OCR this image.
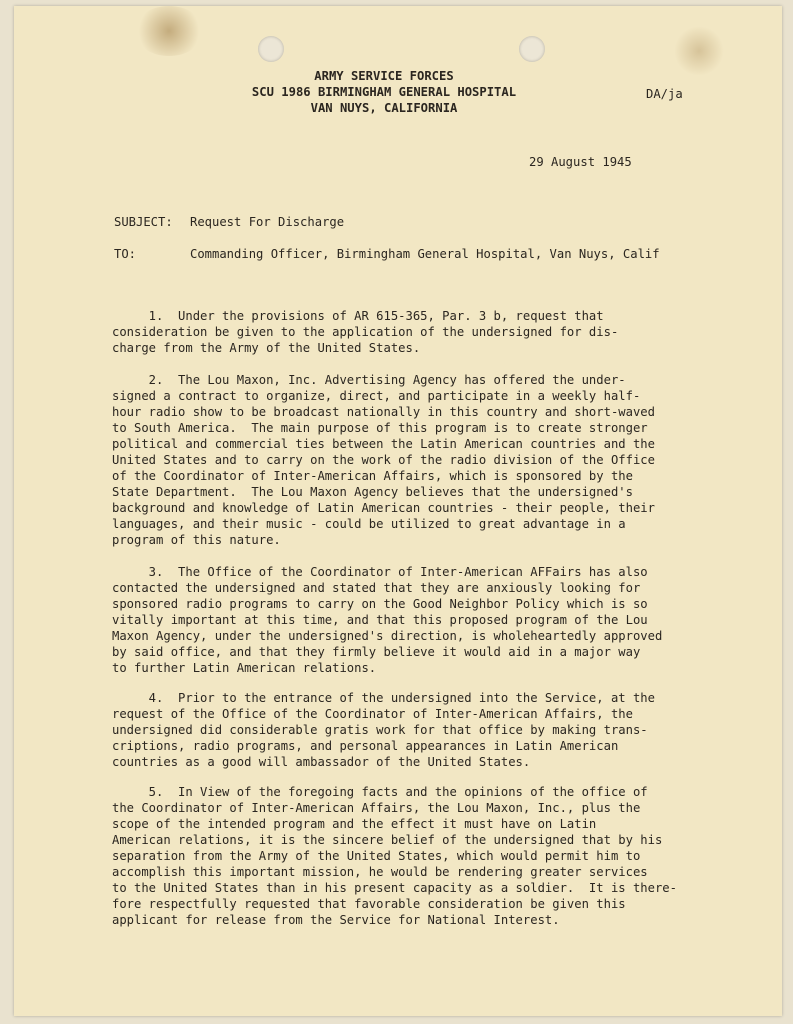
ARMY SERVICE FORCES
SCU 1986 BIRMINGHAM GENERAL HOSPITAL
VAN NUYS, CALIFORNIA
DA/ja
29 August 1945
SUBJECT: Request For Discharge
TO:	Commanding Officer, Birmingham General Hospital, Van Nuys, Calif
1.  Under the provisions of AR 615-365, Par. 3 b, request that
consideration be given to the application of the undersigned for dis-
charge from the Army of the United States.
2.  The Lou Maxon, Inc. Advertising Agency has offered the under-
signed a contract to organize, direct, and participate in a weekly half-
hour radio show to be broadcast nationally in this country and short-waved
to South America.  The main purpose of this program is to create stronger
political and commercial ties between the Latin American countries and the
United States and to carry on the work of the radio division of the Office
of the Coordinator of Inter-American Affairs, which is sponsored by the
State Department.  The Lou Maxon Agency believes that the undersigned's
background and knowledge of Latin American countries - their people, their
languages, and their music - could be utilized to great advantage in a
program of this nature.
3.  The Office of the Coordinator of Inter-American AFFairs has also
contacted the undersigned and stated that they are anxiously looking for
sponsored radio programs to carry on the Good Neighbor Policy which is so
vitally important at this time, and that this proposed program of the Lou
Maxon Agency, under the undersigned's direction, is wholeheartedly approved
by said office, and that they firmly believe it would aid in a major way
to further Latin American relations.
4.  Prior to the entrance of the undersigned into the Service, at the
request of the Office of the Coordinator of Inter-American Affairs, the
undersigned did considerable gratis work for that office by making trans-
criptions, radio programs, and personal appearances in Latin American
countries as a good will ambassador of the United States.
5.  In View of the foregoing facts and the opinions of the office of
the Coordinator of Inter-American Affairs, the Lou Maxon, Inc., plus the
scope of the intended program and the effect it must have on Latin
American relations, it is the sincere belief of the undersigned that by his
separation from the Army of the United States, which would permit him to
accomplish this important mission, he would be rendering greater services
to the United States than in his present capacity as a soldier.  It is there-
fore respectfully requested that favorable consideration be given this
applicant for release from the Service for National Interest.
